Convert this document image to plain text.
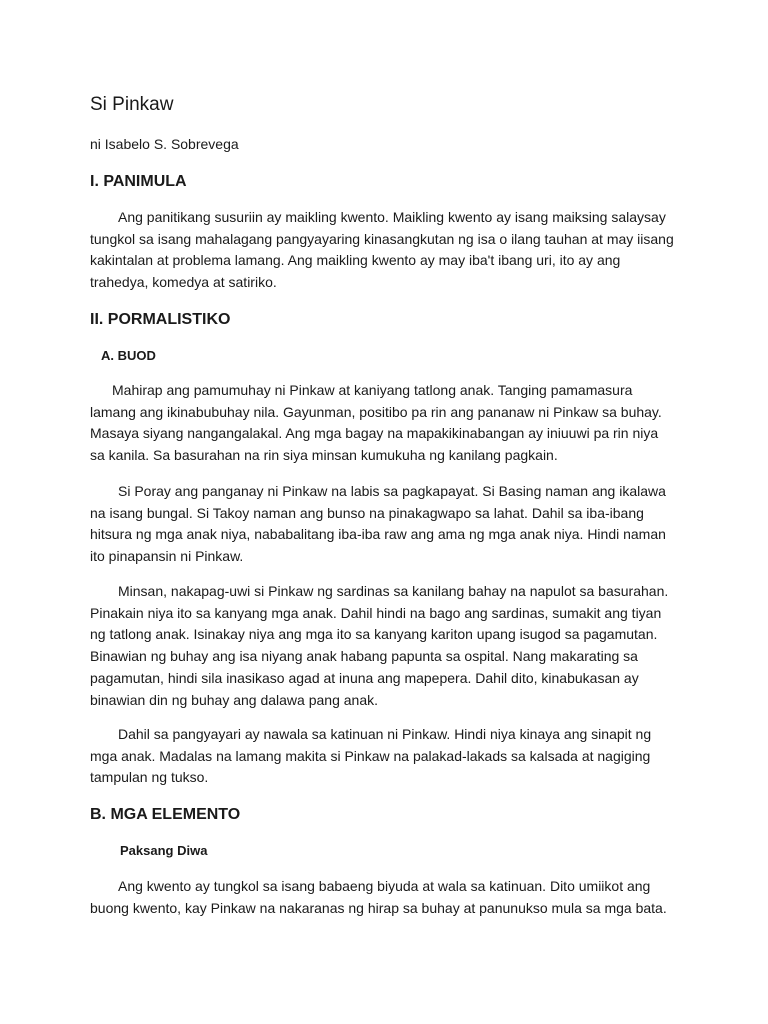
Si Pinkaw

ni Isabelo S. Sobrevega

I. PANIMULA

Ang panitikang susuriin ay maikling kwento. Maikling kwento ay isang maiksing salaysay tungkol sa isang mahalagang pangyayaring kinasangkutan ng isa o ilang tauhan at may iisang kakintalan at problema lamang. Ang maikling kwento ay may iba't ibang uri, ito ay ang trahedya, komedya at satiriko.

II. PORMALISTIKO
A. BUOD

Mahirap ang pamumuhay ni Pinkaw at kaniyang tatlong anak. Tanging pamamasura lamang ang ikinabubuhay nila. Gayunman, positibo pa rin ang pananaw ni Pinkaw sa buhay. Masaya siyang nangangalakal. Ang mga bagay na mapakikinabangan ay iniuuwi pa rin niya sa kanila. Sa basurahan na rin siya minsan kumukuha ng kanilang pagkain.

Si Poray ang panganay ni Pinkaw na labis sa pagkapayat. Si Basing naman ang ikalawa na isang bungal. Si Takoy naman ang bunso na pinakagwapo sa lahat. Dahil sa iba-ibang hitsura ng mga anak niya, nababalitang iba-iba raw ang ama ng mga anak niya. Hindi naman ito pinapansin ni Pinkaw.

Minsan, nakapag-uwi si Pinkaw ng sardinas sa kanilang bahay na napulot sa basurahan. Pinakain niya ito sa kanyang mga anak. Dahil hindi na bago ang sardinas, sumakit ang tiyan ng tatlong anak. Isinakay niya ang mga ito sa kanyang kariton upang isugod sa pagamutan. Binawian ng buhay ang isa niyang anak habang papunta sa ospital. Nang makarating sa pagamutan, hindi sila inasikaso agad at inuna ang mapepera. Dahil dito, kinabukasan ay binawian din ng buhay ang dalawa pang anak.

Dahil sa pangyayari ay nawala sa katinuan ni Pinkaw. Hindi niya kinaya ang sinapit ng mga anak. Madalas na lamang makita si Pinkaw na palakad-lakads sa kalsada at nagiging tampulan ng tukso.

B. MGA ELEMENTO
Paksang Diwa

Ang kwento ay tungkol sa isang babaeng biyuda at wala sa katinuan. Dito umiikot ang buong kwento, kay Pinkaw na nakaranas ng hirap sa buhay at panunukso mula sa mga bata.
